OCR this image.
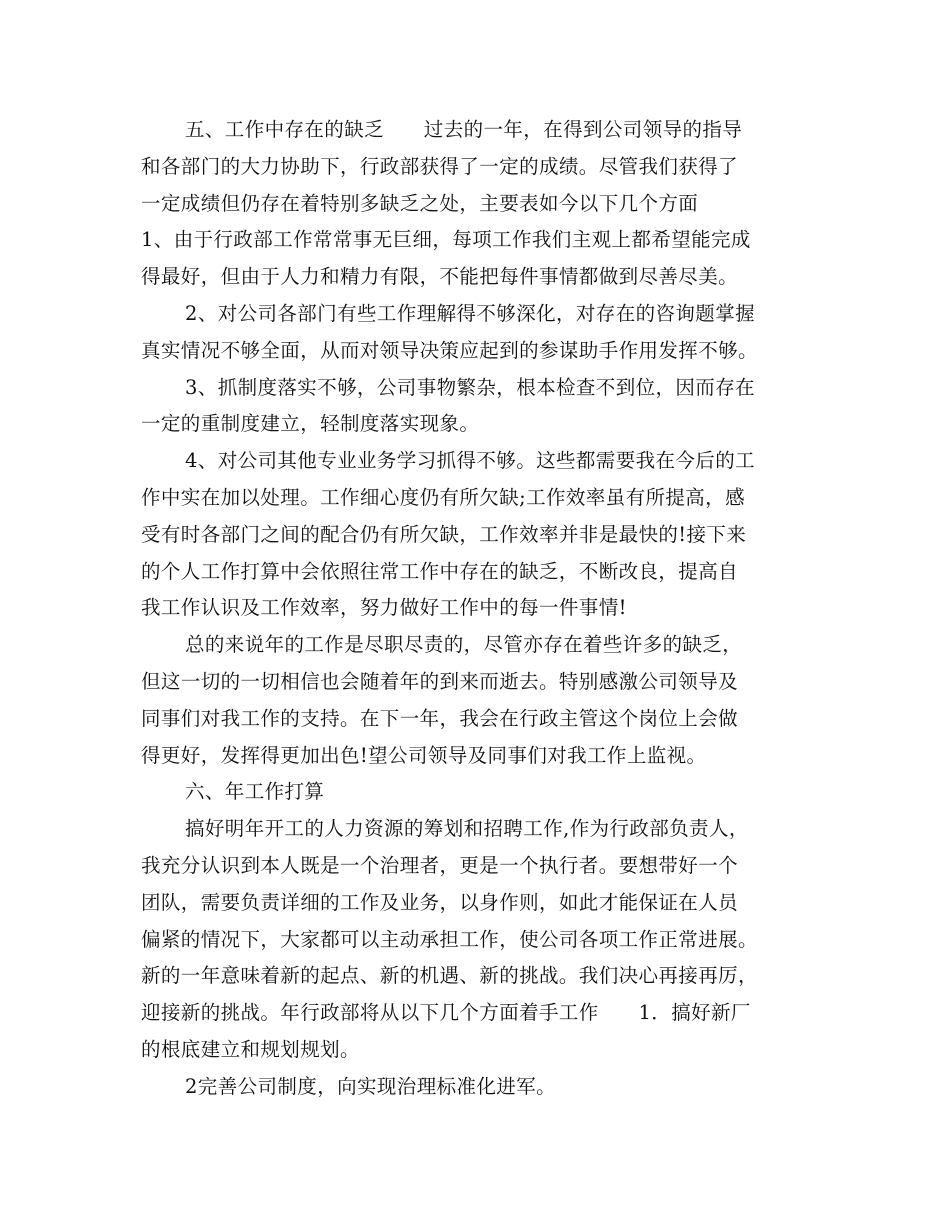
五、工作中存在的缺乏　　过去的一年，在得到公司领导的指导
和各部门的大力协助下，行政部获得了一定的成绩。尽管我们获得了
一定成绩但仍存在着特别多缺乏之处，主要表如今以下几个方面
1、由于行政部工作常常事无巨细，每项工作我们主观上都希望能完成
得最好，但由于人力和精力有限，不能把每件事情都做到尽善尽美。
2、对公司各部门有些工作理解得不够深化，对存在的咨询题掌握
真实情况不够全面，从而对领导决策应起到的参谋助手作用发挥不够。
3、抓制度落实不够，公司事物繁杂，根本检查不到位，因而存在
一定的重制度建立，轻制度落实现象。
4、对公司其他专业业务学习抓得不够。这些都需要我在今后的工
作中实在加以处理。工作细心度仍有所欠缺;工作效率虽有所提高，感
受有时各部门之间的配合仍有所欠缺，工作效率并非是最快的!接下来
的个人工作打算中会依照往常工作中存在的缺乏，不断改良，提高自
我工作认识及工作效率，努力做好工作中的每一件事情!
总的来说年的工作是尽职尽责的，尽管亦存在着些许多的缺乏，
但这一切的一切相信也会随着年的到来而逝去。特别感激公司领导及
同事们对我工作的支持。在下一年，我会在行政主管这个岗位上会做
得更好，发挥得更加出色!望公司领导及同事们对我工作上监视。
六、年工作打算
搞好明年开工的人力资源的筹划和招聘工作,作为行政部负责人，
我充分认识到本人既是一个治理者，更是一个执行者。要想带好一个
团队，需要负责详细的工作及业务，以身作则，如此才能保证在人员
偏紧的情况下，大家都可以主动承担工作，使公司各项工作正常进展。
新的一年意味着新的起点、新的机遇、新的挑战。我们决心再接再厉，
迎接新的挑战。年行政部将从以下几个方面着手工作　　1．搞好新厂
的根底建立和规划规划。
2完善公司制度，向实现治理标准化进军。
